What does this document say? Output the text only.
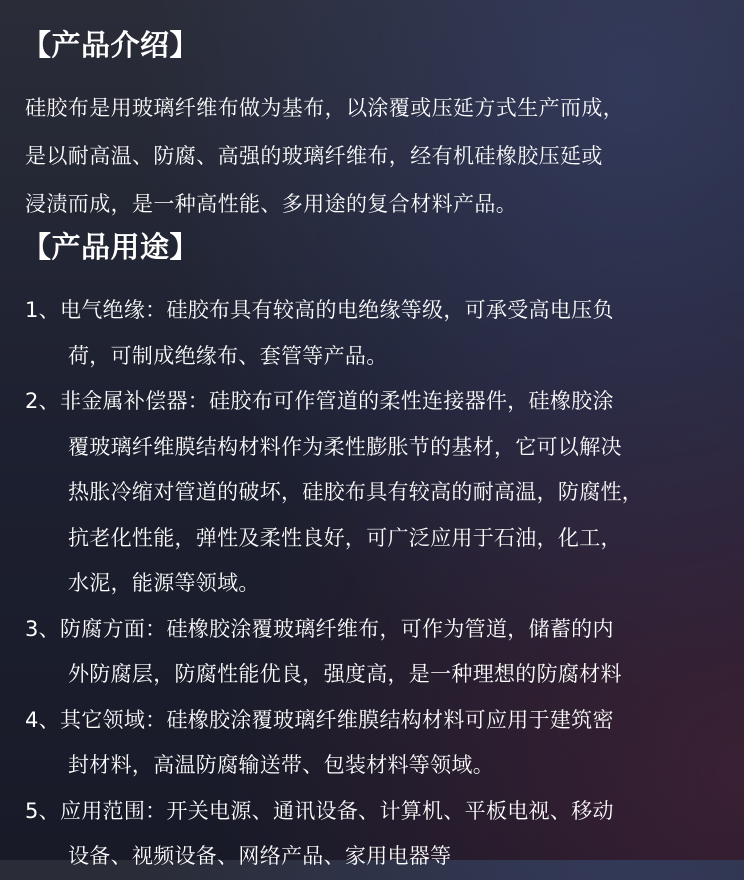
【产品介绍】
硅胶布是用玻璃纤维布做为基布，以涂覆或压延方式生产而成，
是以耐高温、防腐、高强的玻璃纤维布，经有机硅橡胶压延或
浸渍而成，是一种高性能、多用途的复合材料产品。
【产品用途】
1、电气绝缘：硅胶布具有较高的电绝缘等级，可承受高电压负
荷，可制成绝缘布、套管等产品。
2、非金属补偿器：硅胶布可作管道的柔性连接器件，硅橡胶涂
覆玻璃纤维膜结构材料作为柔性膨胀节的基材，它可以解决
热胀冷缩对管道的破坏，硅胶布具有较高的耐高温，防腐性，
抗老化性能，弹性及柔性良好，可广泛应用于石油，化工，
水泥，能源等领域。
3、防腐方面：硅橡胶涂覆玻璃纤维布，可作为管道，储蓄的内
外防腐层，防腐性能优良，强度高，是一种理想的防腐材料
4、其它领域：硅橡胶涂覆玻璃纤维膜结构材料可应用于建筑密
封材料，高温防腐输送带、包装材料等领域。
5、应用范围：开关电源、通讯设备、计算机、平板电视、移动
设备、视频设备、网络产品、家用电器等
